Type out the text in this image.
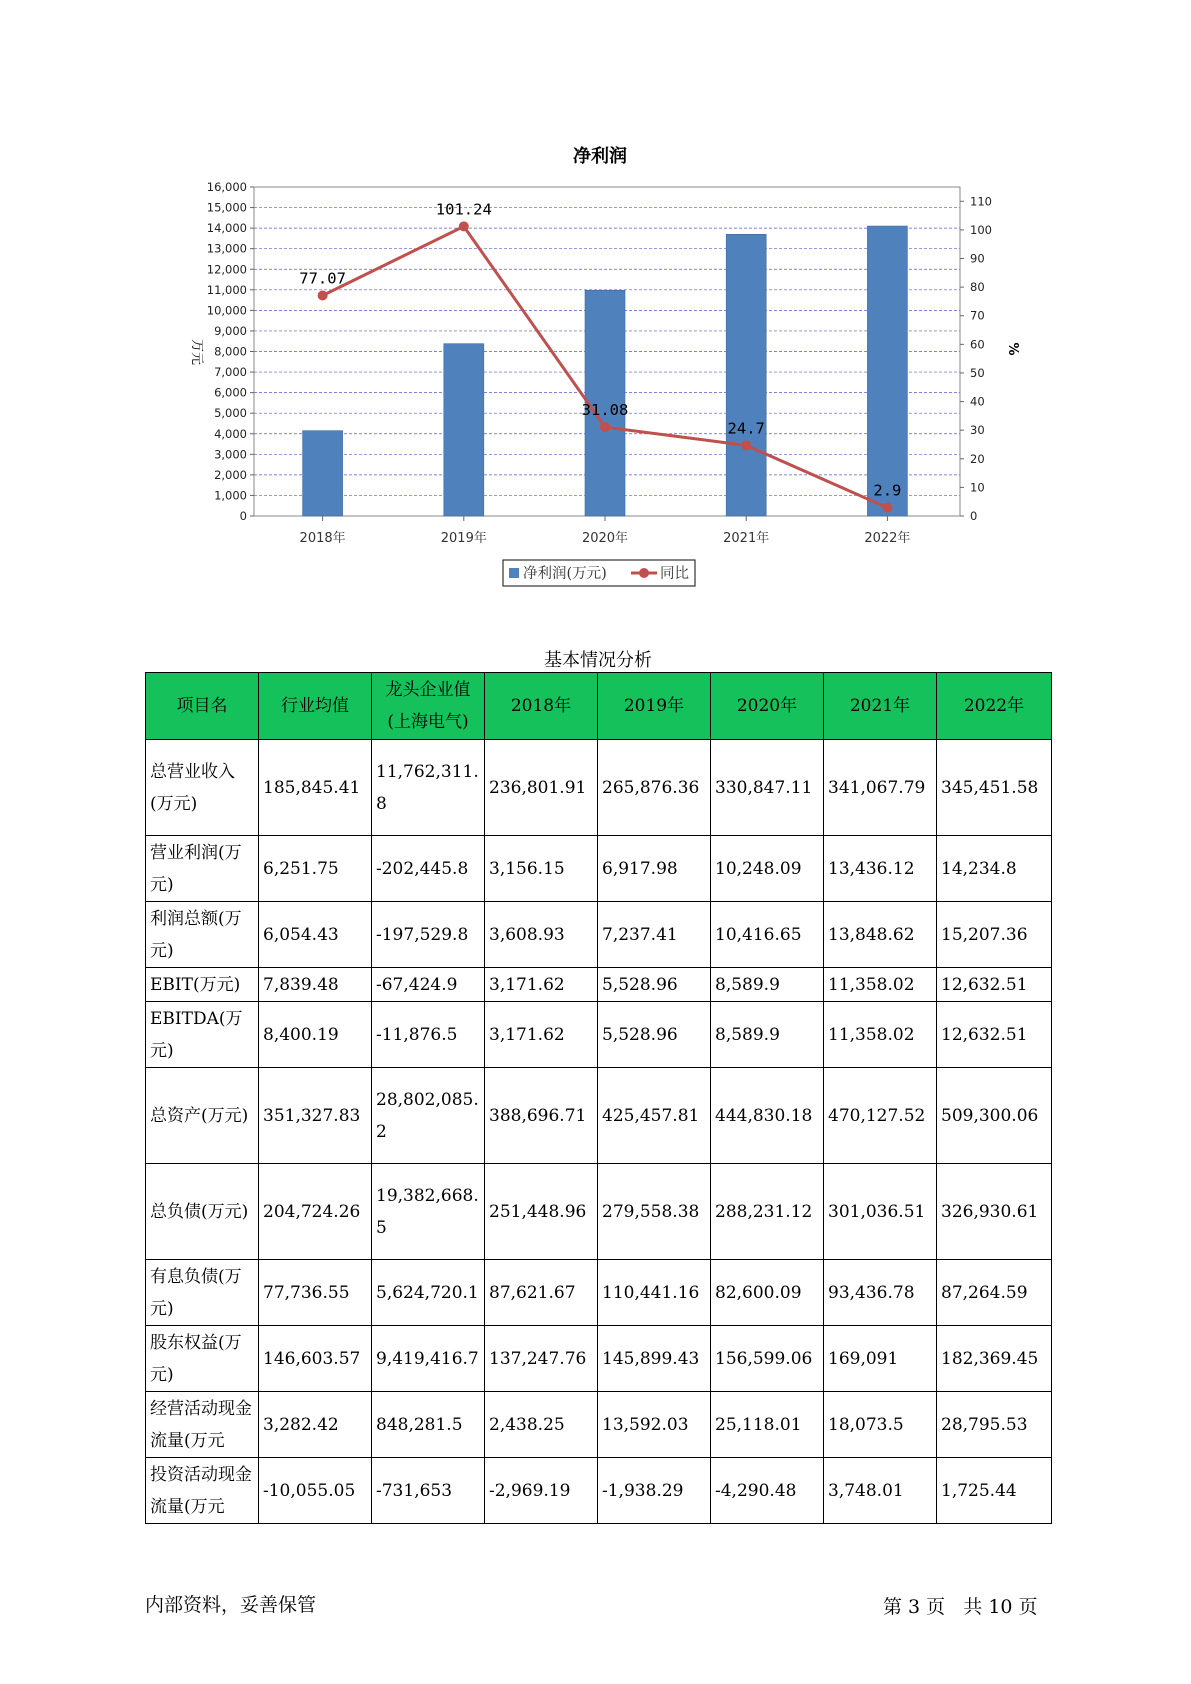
净利润
0
1,000
2,000
3,000
4,000
5,000
6,000
7,000
8,000
9,000
10,000
11,000
12,000
13,000
14,000
15,000
16,000
0
10
20
30
40
50
60
70
80
90
100
110
万元	%
2018年	2019年	2020年	2021年	2022年
77.07
101.24
31.08
24.7
2.9
净利润(万元)	同比
基本情况分析
项目名	行业均值	龙头企业值(上海电气)	2018年	2019年	2020年	2021年	2022年
总营业收入(万元)	185,845.41	11,762,311.8	236,801.91	265,876.36	330,847.11	341,067.79	345,451.58
营业利润(万元)	6,251.75	-202,445.8	3,156.15	6,917.98	10,248.09	13,436.12	14,234.8
利润总额(万元)	6,054.43	-197,529.8	3,608.93	7,237.41	10,416.65	13,848.62	15,207.36
EBIT(万元)	7,839.48	-67,424.9	3,171.62	5,528.96	8,589.9	11,358.02	12,632.51
EBITDA(万元)	8,400.19	-11,876.5	3,171.62	5,528.96	8,589.9	11,358.02	12,632.51
总资产(万元)	351,327.83	28,802,085.2	388,696.71	425,457.81	444,830.18	470,127.52	509,300.06
总负债(万元)	204,724.26	19,382,668.5	251,448.96	279,558.38	288,231.12	301,036.51	326,930.61
有息负债(万元)	77,736.55	5,624,720.1	87,621.67	110,441.16	82,600.09	93,436.78	87,264.59
股东权益(万元)	146,603.57	9,419,416.7	137,247.76	145,899.43	156,599.06	169,091	182,369.45
经营活动现金流量(万元	3,282.42	848,281.5	2,438.25	13,592.03	25,118.01	18,073.5	28,795.53
投资活动现金流量(万元	-10,055.05	-731,653	-2,969.19	-1,938.29	-4,290.48	3,748.01	1,725.44
内部资料，妥善保管	第 3 页   共 10 页
